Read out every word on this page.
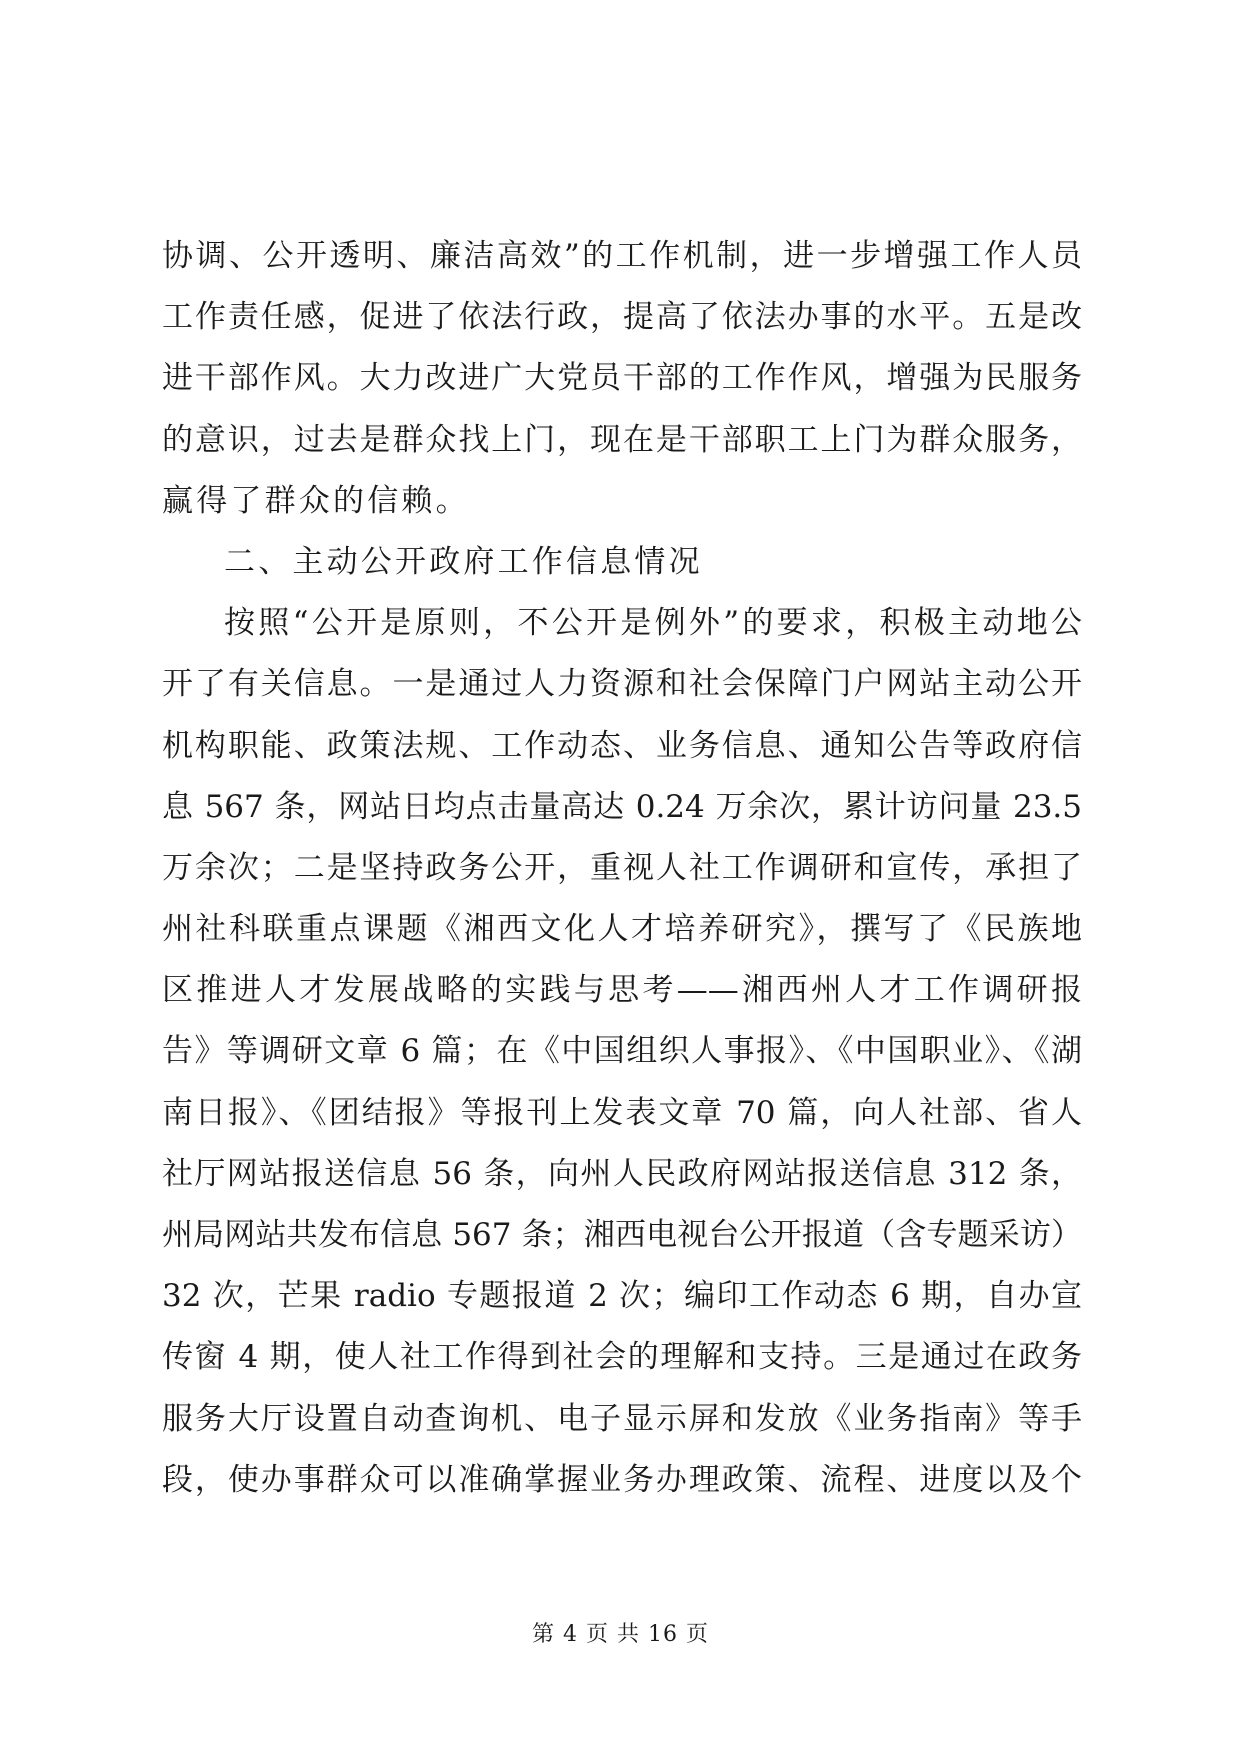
协调、公开透明、廉洁高效”的工作机制，进一步增强工作人员
工作责任感，促进了依法行政，提高了依法办事的水平。五是改
进干部作风。大力改进广大党员干部的工作作风，增强为民服务
的意识，过去是群众找上门，现在是干部职工上门为群众服务，
赢得了群众的信赖。
二、主动公开政府工作信息情况
按照“公开是原则，不公开是例外”的要求，积极主动地公
开了有关信息。一是通过人力资源和社会保障门户网站主动公开
机构职能、政策法规、工作动态、业务信息、通知公告等政府信
息 567 条，网站日均点击量高达 0.24 万余次，累计访问量 23.5
万余次；二是坚持政务公开，重视人社工作调研和宣传，承担了
州社科联重点课题《湘西文化人才培养研究》，撰写了《民族地
区推进人才发展战略的实践与思考——湘西州人才工作调研报
告》等调研文章 6 篇；在《中国组织人事报》、《中国职业》、《湖
南日报》、《团结报》等报刊上发表文章 70 篇，向人社部、省人
社厅网站报送信息 56 条，向州人民政府网站报送信息 312 条，
州局网站共发布信息 567 条；湘西电视台公开报道（含专题采访）
32 次，芒果 radio 专题报道 2 次；编印工作动态 6 期，自办宣
传窗 4 期，使人社工作得到社会的理解和支持。三是通过在政务
服务大厅设置自动查询机、电子显示屏和发放《业务指南》等手
段，使办事群众可以准确掌握业务办理政策、流程、进度以及个
第 4 页 共 16 页
